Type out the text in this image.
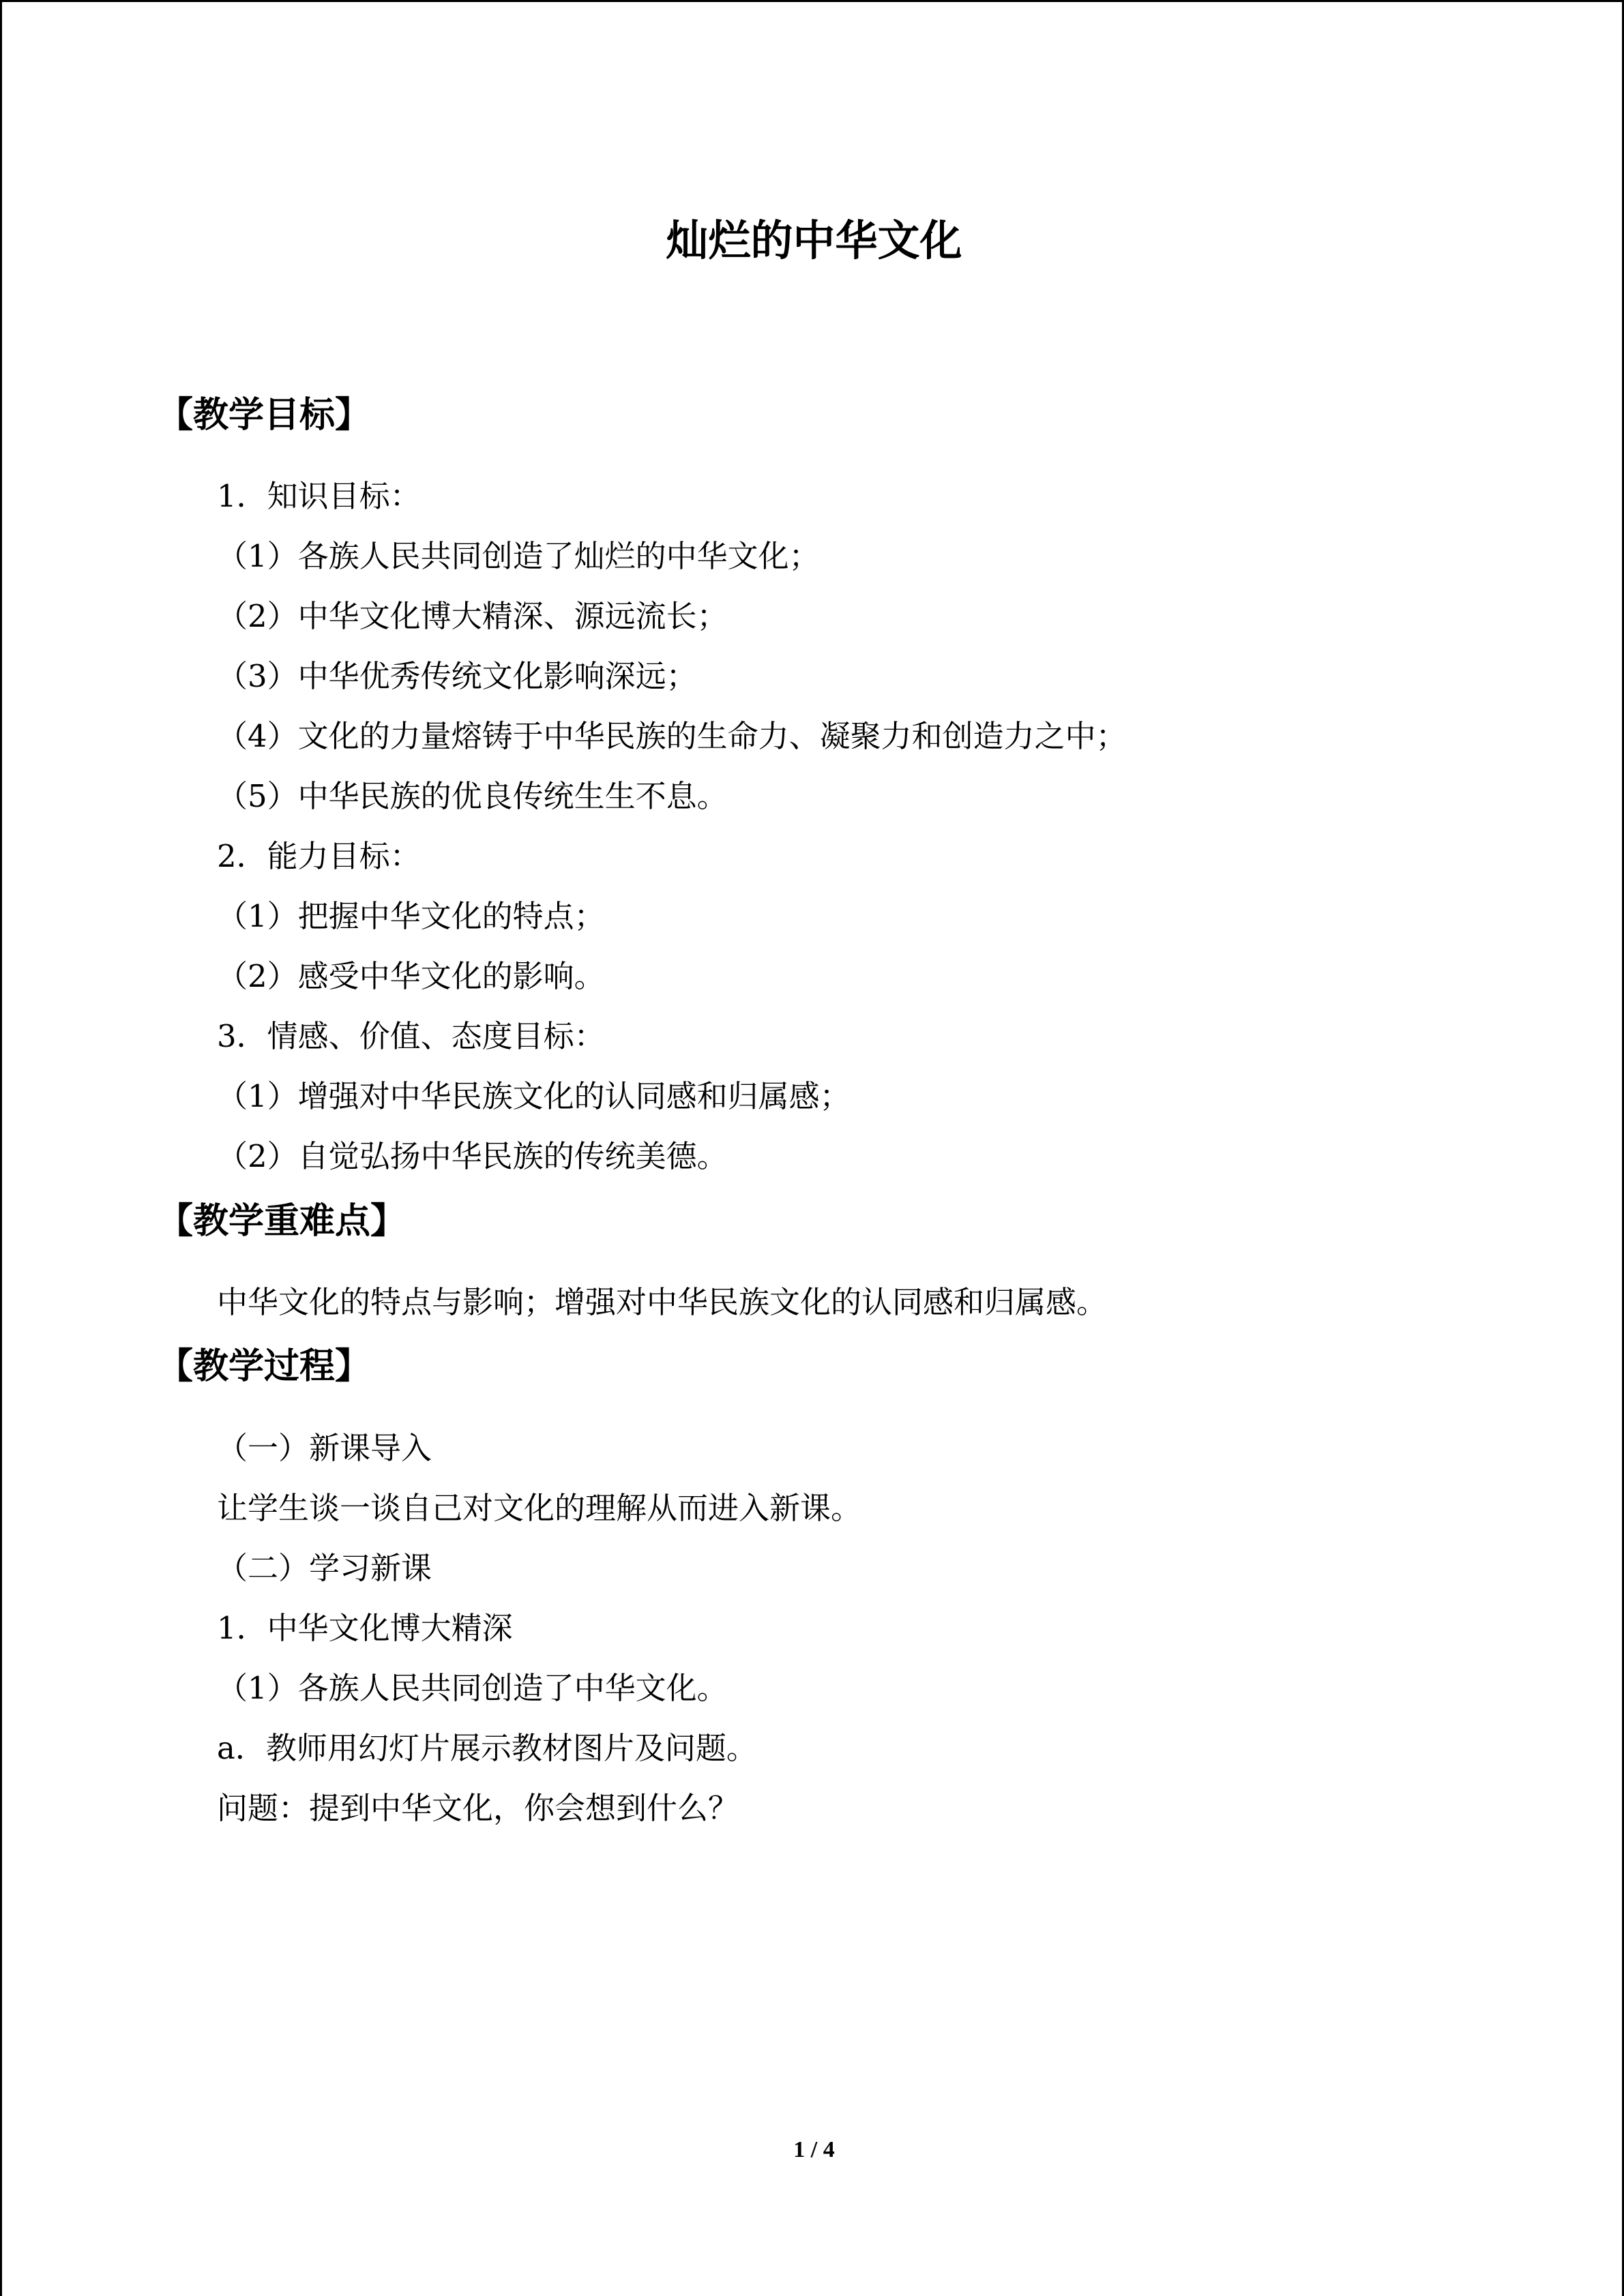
灿烂的中华文化
【教学目标】
1．知识目标：
（1）各族人民共同创造了灿烂的中华文化；
（2）中华文化博大精深、源远流长；
（3）中华优秀传统文化影响深远；
（4）文化的力量熔铸于中华民族的生命力、凝聚力和创造力之中；
（5）中华民族的优良传统生生不息。
2．能力目标：
（1）把握中华文化的特点；
（2）感受中华文化的影响。
3．情感、价值、态度目标：
（1）增强对中华民族文化的认同感和归属感；
（2）自觉弘扬中华民族的传统美德。
【教学重难点】
中华文化的特点与影响；增强对中华民族文化的认同感和归属感。
【教学过程】
（一）新课导入
让学生谈一谈自己对文化的理解从而进入新课。
（二）学习新课
1．中华文化博大精深
（1）各族人民共同创造了中华文化。
a．教师用幻灯片展示教材图片及问题。
问题：提到中华文化，你会想到什么？
1 / 4
